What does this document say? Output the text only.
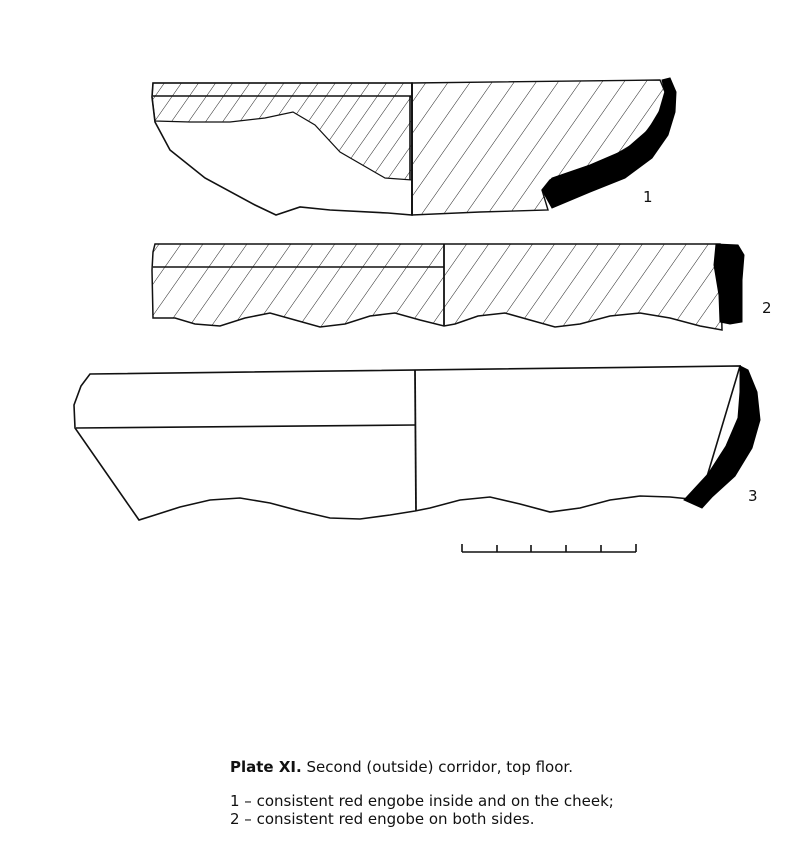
1
2
3
Plate XI. Second (outside) corridor, top floor.
1 – consistent red engobe inside and on the cheek;
2 – consistent red engobe on both sides.
